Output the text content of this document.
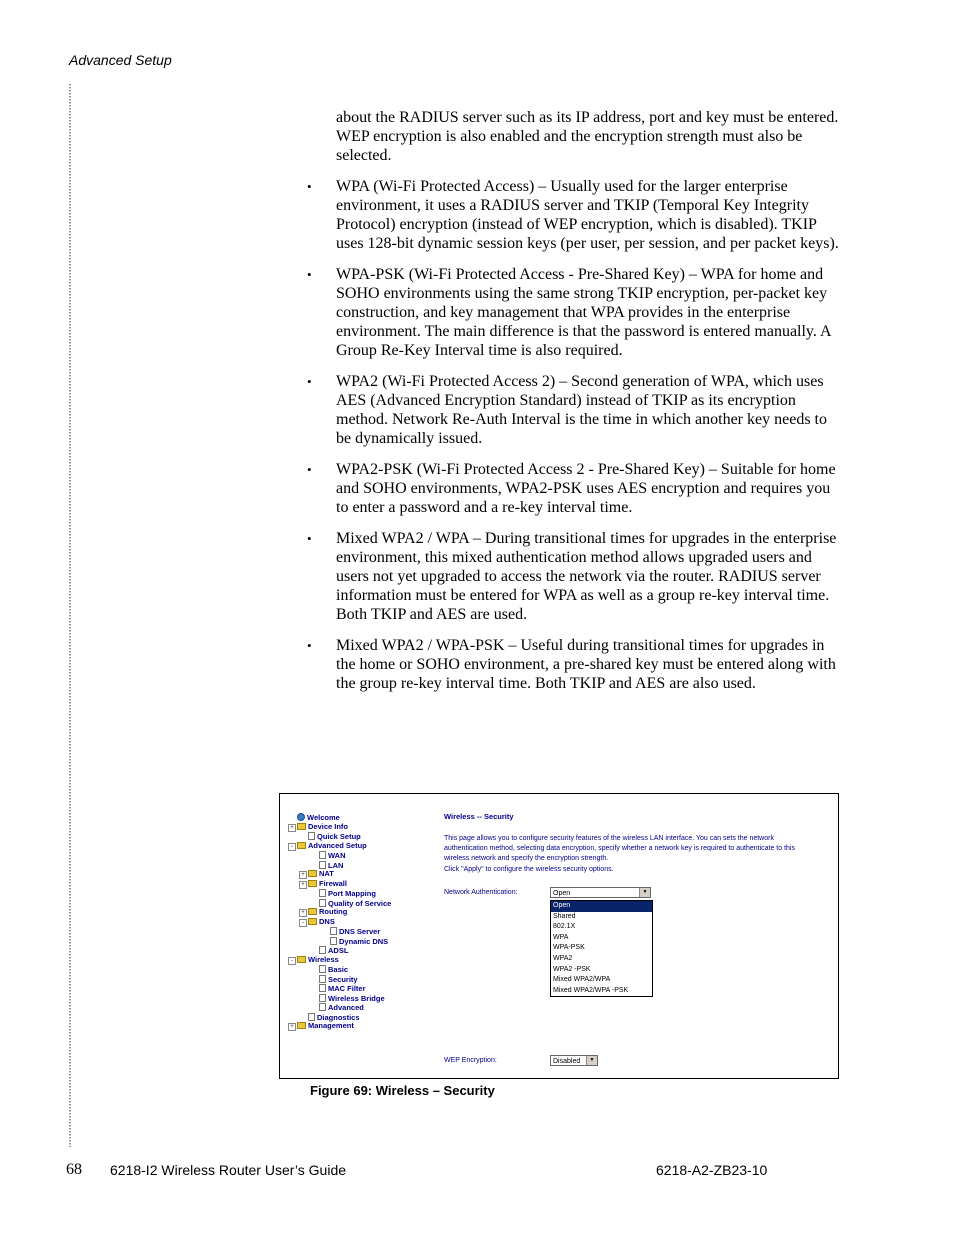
Advanced Setup

about the RADIUS server such as its IP address, port and key must be entered. WEP encryption is also enabled and the encryption strength must also be selected.

• WPA (Wi-Fi Protected Access) – Usually used for the larger enterprise environment, it uses a RADIUS server and TKIP (Temporal Key Integrity Protocol) encryption (instead of WEP encryption, which is disabled). TKIP uses 128-bit dynamic session keys (per user, per session, and per packet keys).
• WPA-PSK (Wi-Fi Protected Access - Pre-Shared Key) – WPA for home and SOHO environments using the same strong TKIP encryption, per-packet key construction, and key management that WPA provides in the enterprise environment. The main difference is that the password is entered manually. A Group Re-Key Interval time is also required.
• WPA2 (Wi-Fi Protected Access 2) – Second generation of WPA, which uses AES (Advanced Encryption Standard) instead of TKIP as its encryption method. Network Re-Auth Interval is the time in which another key needs to be dynamically issued.
• WPA2-PSK (Wi-Fi Protected Access 2 - Pre-Shared Key) – Suitable for home and SOHO environments, WPA2-PSK uses AES encryption and requires you to enter a password and a re-key interval time.
• Mixed WPA2 / WPA – During transitional times for upgrades in the enterprise environment, this mixed authentication method allows upgraded users and users not yet upgraded to access the network via the router. RADIUS server information must be entered for WPA as well as a group re-key interval time. Both TKIP and AES are used.
• Mixed WPA2 / WPA-PSK – Useful during transitional times for upgrades in the home or SOHO environment, a pre-shared key must be entered along with the group re-key interval time. Both TKIP and AES are also used.
Welcome
+ Device Info
Quick Setup
- Advanced Setup
WAN
LAN
+ NAT
+ Firewall
Port Mapping
Quality of Service
+ Routing
- DNS
DNS Server
Dynamic DNS
ADSL
- Wireless
Basic
Security
MAC Filter
Wireless Bridge
Advanced
Diagnostics
+ Management
Wireless -- Security
This page allows you to configure security features of the wireless LAN interface. You can sets the network
authentication method, selecting data encryption, specify whether a network key is required to authenticate to this
wireless network and specify the encryption strength.
Click "Apply" to configure the wireless security options.
Network Authentication:	Open	▼
Open
Shared
802.1X
WPA
WPA-PSK
WPA2
WPA2 -PSK
Mixed WPA2/WPA
Mixed WPA2/WPA -PSK
WEP Encryption:	Disabled	▼
Figure 69: Wireless – Security
68 6218-I2 Wireless Router User’s Guide	6218-A2-ZB23-10
